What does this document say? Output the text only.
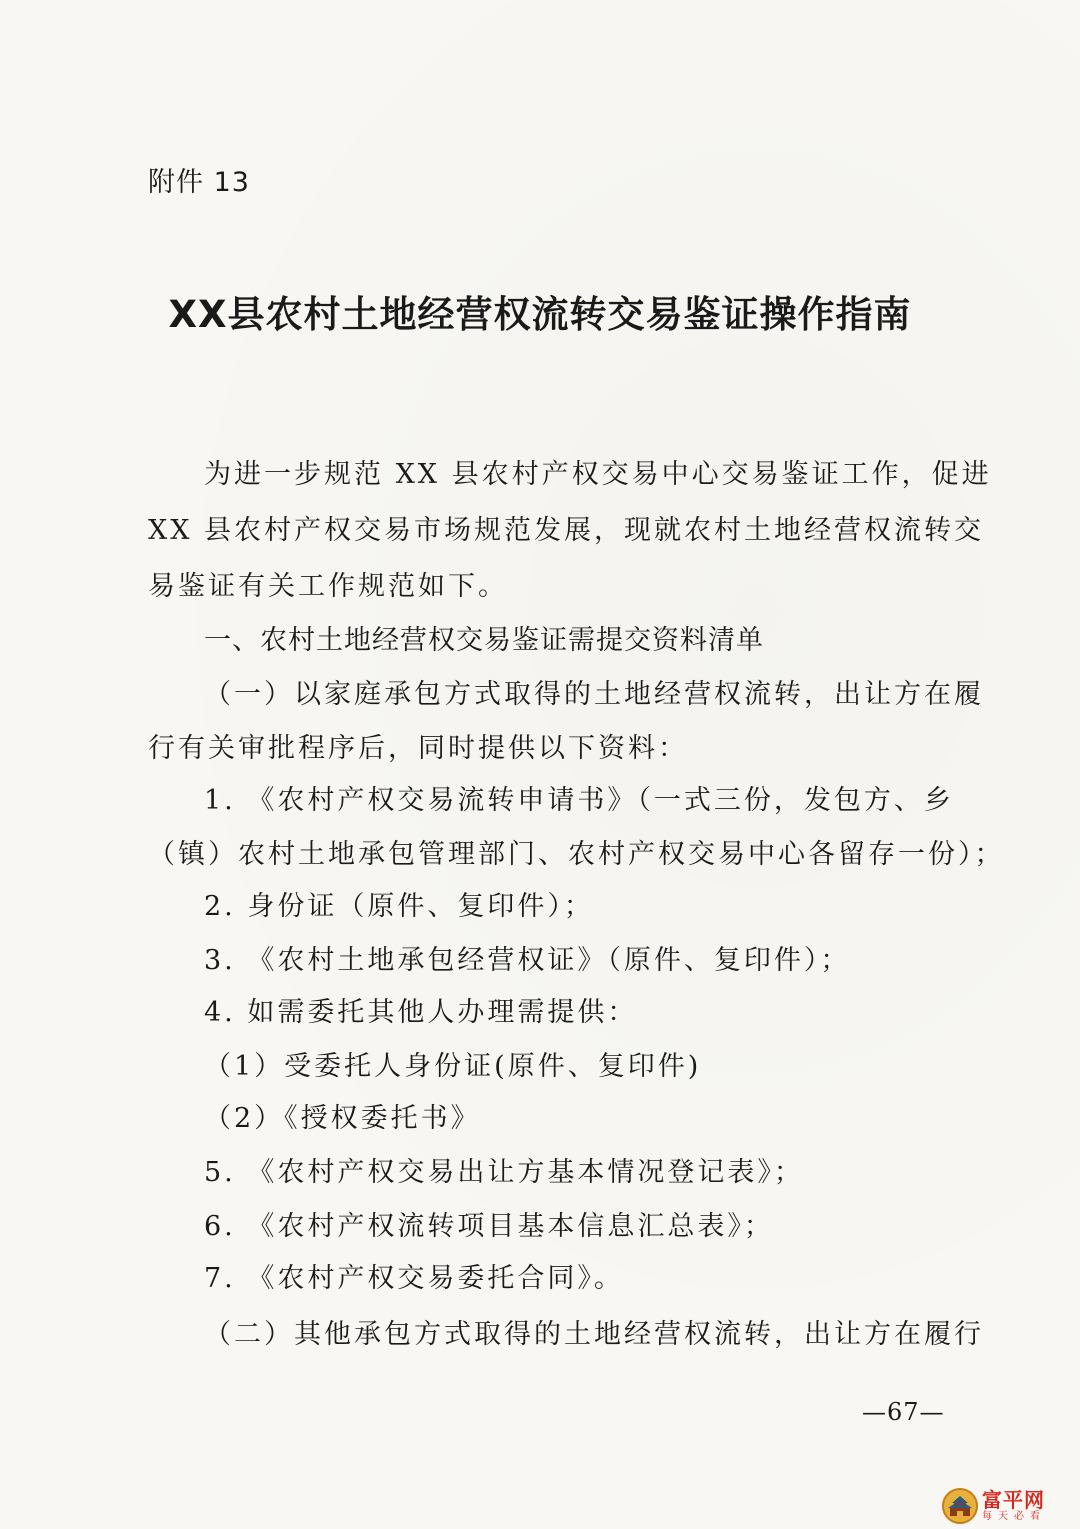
附件 13

XX县农村土地经营权流转交易鉴证操作指南

为进一步规范 XX 县农村产权交易中心交易鉴证工作，促进

XX 县农村产权交易市场规范发展，现就农村土地经营权流转交

易鉴证有关工作规范如下。

一、农村土地经营权交易鉴证需提交资料清单

（一）以家庭承包方式取得的土地经营权流转，出让方在履

行有关审批程序后，同时提供以下资料：

1. 《农村产权交易流转申请书》（一式三份，发包方、乡

（镇）农村土地承包管理部门、农村产权交易中心各留存一份）；

2. 身份证（原件、复印件）；

3. 《农村土地承包经营权证》（原件、复印件）；

4. 如需委托其他人办理需提供：

（1）受委托人身份证(原件、复印件)

（2）《授权委托书》

5. 《农村产权交易出让方基本情况登记表》；

6. 《农村产权流转项目基本信息汇总表》；

7. 《农村产权交易委托合同》。

（二）其他承包方式取得的土地经营权流转，出让方在履行

—67—
富平网
每天必看
